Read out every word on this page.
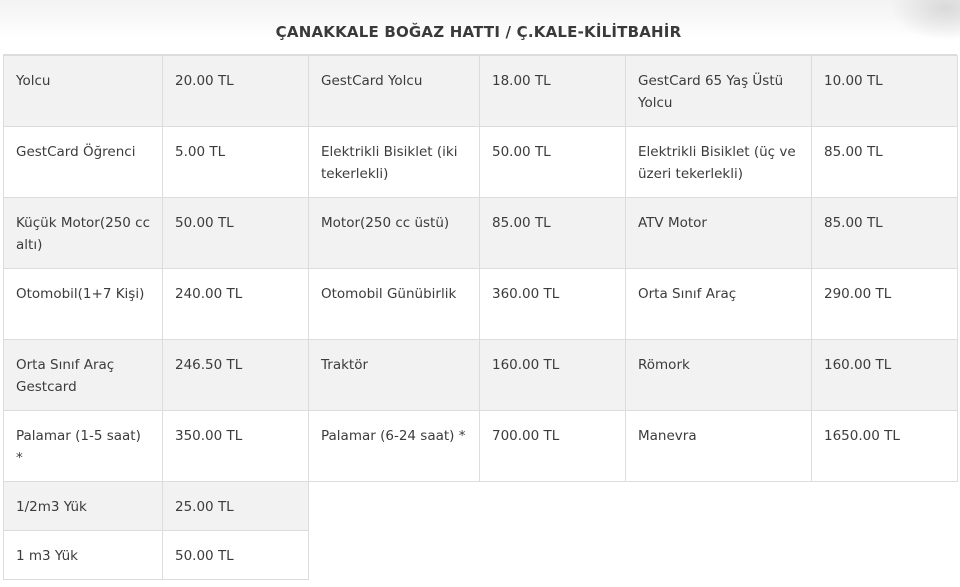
ÇANAKKALE BOĞAZ HATTI / Ç.KALE-KİLİTBAHİR
Yolcu	20.00 TL	GestCard Yolcu	18.00 TL	GestCard 65 Yaş Üstü Yolcu	10.00 TL
GestCard Öğrenci	5.00 TL	Elektrikli Bisiklet (iki tekerlekli)	50.00 TL	Elektrikli Bisiklet (üç ve üzeri tekerlekli)	85.00 TL
Küçük Motor(250 cc altı)	50.00 TL	Motor(250 cc üstü)	85.00 TL	ATV Motor	85.00 TL
Otomobil(1+7 Kişi)	240.00 TL	Otomobil Günübirlik	360.00 TL	Orta Sınıf Araç	290.00 TL
Orta Sınıf Araç Gestcard	246.50 TL	Traktör	160.00 TL	Römork	160.00 TL
Palamar (1-5 saat) *	350.00 TL	Palamar (6-24 saat) *	700.00 TL	Manevra	1650.00 TL
1/2m3 Yük	25.00 TL				
1 m3 Yük	50.00 TL				
